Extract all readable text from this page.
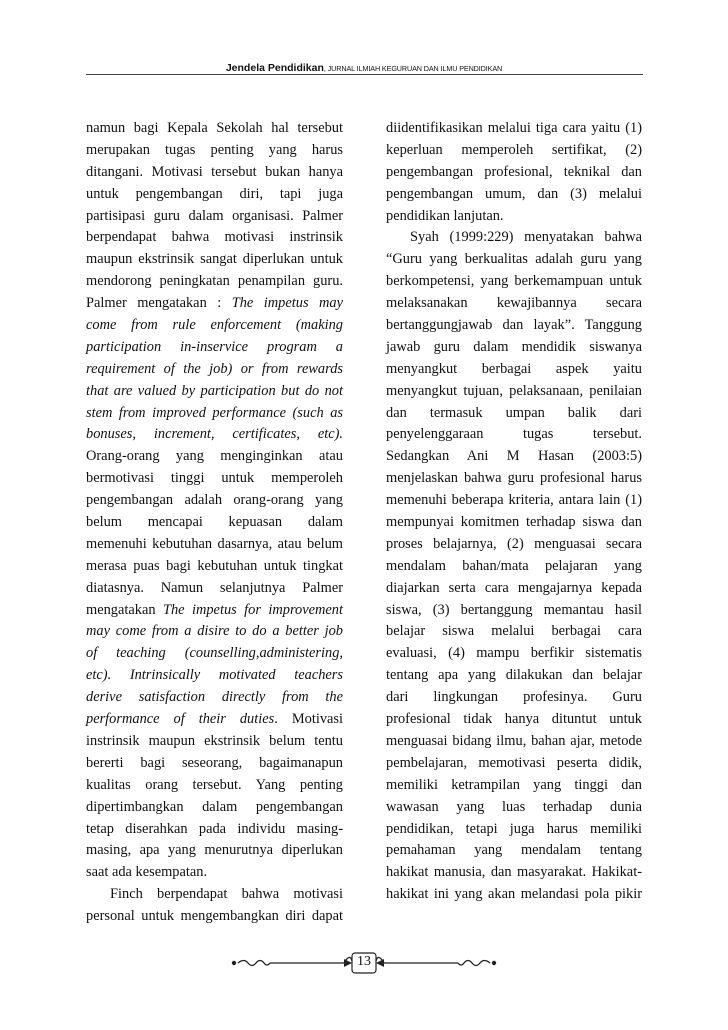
Jendela Pendidikan, JURNAL ILMIAH KEGURUAN DAN ILMU PENDIDIKAN
namun bagi Kepala Sekolah hal tersebut
merupakan tugas penting yang harus
ditangani. Motivasi tersebut bukan hanya
untuk pengembangan diri, tapi juga
partisipasi guru dalam organisasi. Palmer
berpendapat bahwa motivasi instrinsik
maupun ekstrinsik sangat diperlukan untuk
mendorong peningkatan penampilan guru.
Palmer mengatakan : The impetus may
come from rule enforcement (making
participation in-inservice program a
requirement of the job) or from rewards
that are valued by participation but do not
stem from improved performance (such as
bonuses, increment, certificates, etc).
Orang-orang yang menginginkan atau
bermotivasi tinggi untuk memperoleh
pengembangan adalah orang-orang yang
belum mencapai kepuasan dalam
memenuhi kebutuhan dasarnya, atau belum
merasa puas bagi kebutuhan untuk tingkat
diatasnya. Namun selanjutnya Palmer
mengatakan The impetus for improvement
may come from a disire to do a better job
of teaching (counselling,administering,
etc). Intrinsically motivated teachers
derive satisfaction directly from the
performance of their duties. Motivasi
instrinsik maupun ekstrinsik belum tentu
bererti bagi seseorang, bagaimanapun
kualitas orang tersebut. Yang penting
dipertimbangkan dalam pengembangan
tetap diserahkan pada individu masing-
masing, apa yang menurutnya diperlukan
saat ada kesempatan.
Finch berpendapat bahwa motivasi
personal untuk mengembangkan diri dapat
diidentifikasikan melalui tiga cara yaitu (1)
keperluan memperoleh sertifikat, (2)
pengembangan profesional, teknikal dan
pengembangan umum, dan (3) melalui
pendidikan lanjutan.
Syah (1999:229) menyatakan bahwa
“Guru yang berkualitas adalah guru yang
berkompetensi, yang berkemampuan untuk
melaksanakan kewajibannya secara
bertanggungjawab dan layak”. Tanggung
jawab guru dalam mendidik siswanya
menyangkut berbagai aspek yaitu
menyangkut tujuan, pelaksanaan, penilaian
dan termasuk umpan balik dari
penyelenggaraan tugas tersebut.
Sedangkan Ani M Hasan (2003:5)
menjelaskan bahwa guru profesional harus
memenuhi beberapa kriteria, antara lain (1)
mempunyai komitmen terhadap siswa dan
proses belajarnya, (2) menguasai secara
mendalam bahan/mata pelajaran yang
diajarkan serta cara mengajarnya kepada
siswa, (3) bertanggung memantau hasil
belajar siswa melalui berbagai cara
evaluasi, (4) mampu berfikir sistematis
tentang apa yang dilakukan dan belajar
dari lingkungan profesinya. Guru
profesional tidak hanya dituntut untuk
menguasai bidang ilmu, bahan ajar, metode
pembelajaran, memotivasi peserta didik,
memiliki ketrampilan yang tinggi dan
wawasan yang luas terhadap dunia
pendidikan, tetapi juga harus memiliki
pemahaman yang mendalam tentang
hakikat manusia, dan masyarakat. Hakikat-
hakikat ini yang akan melandasi pola pikir
13
